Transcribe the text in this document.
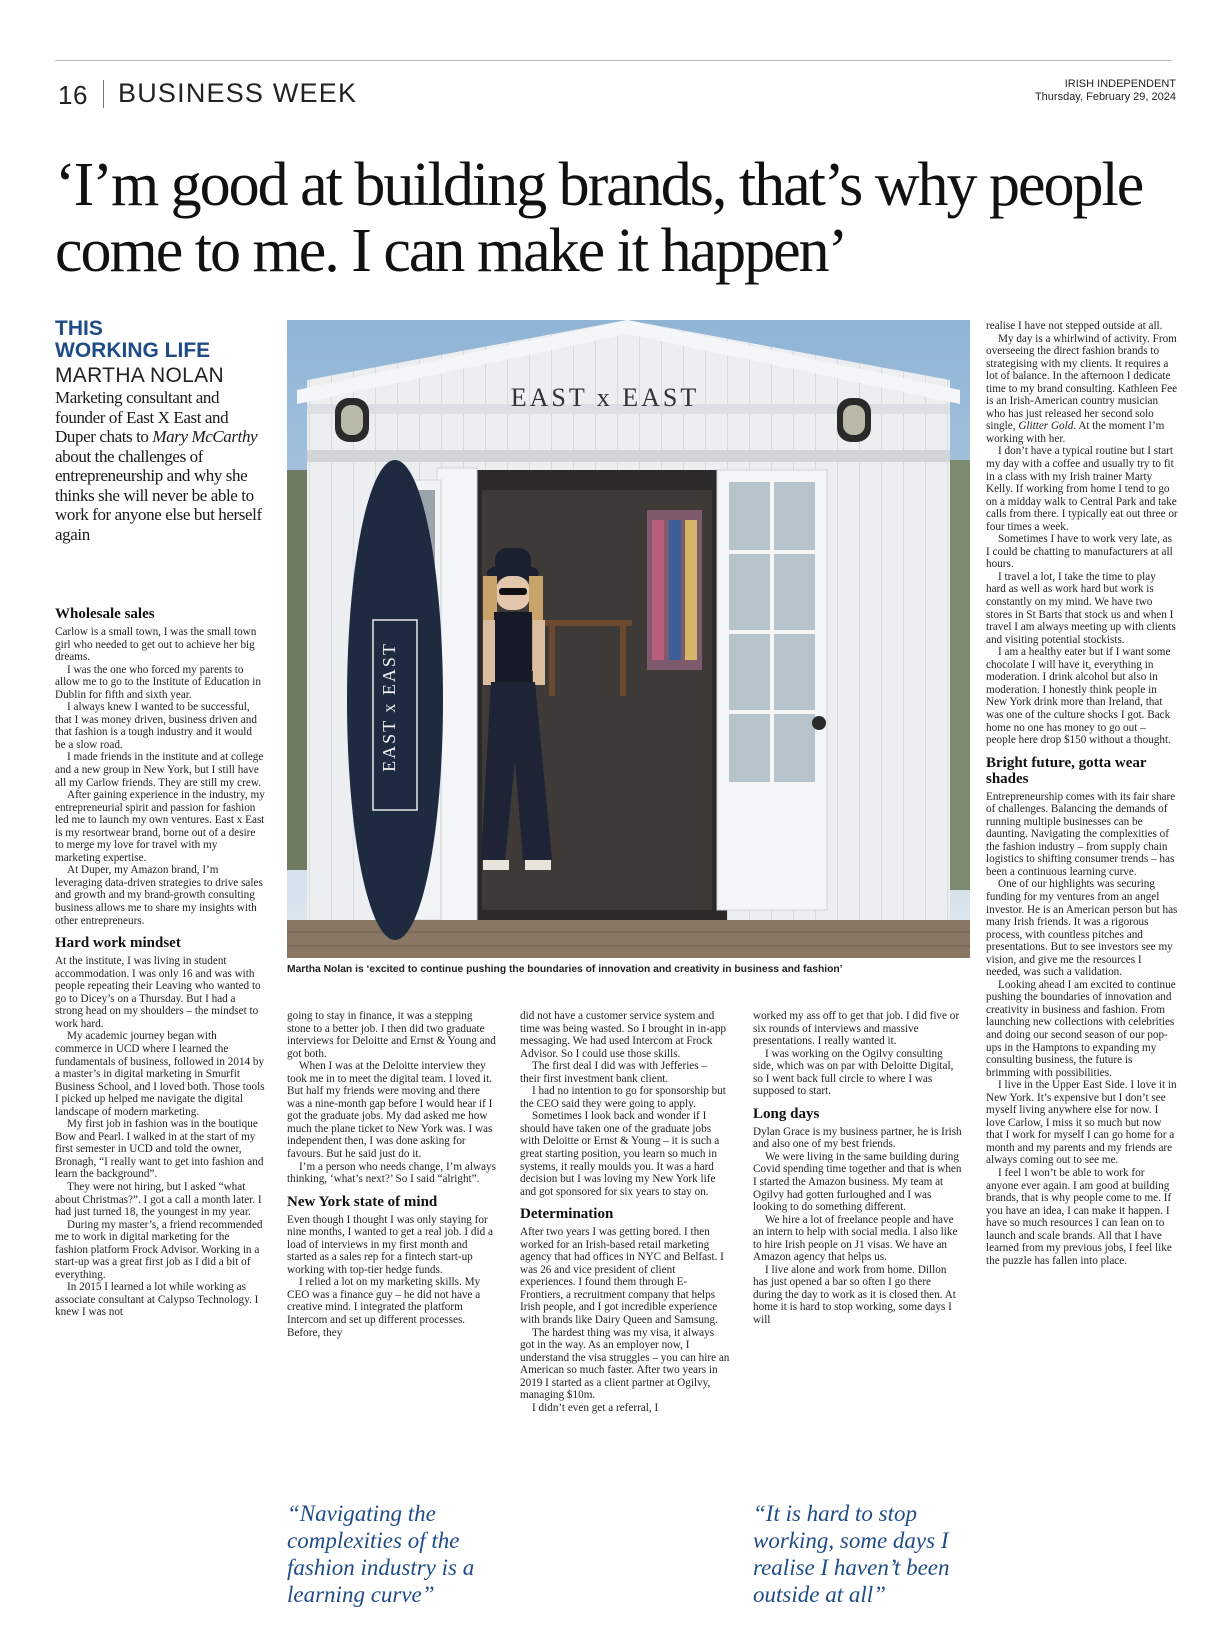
16 BUSINESS WEEK	IRISH INDEPENDENT
Thursday, February 29, 2024
‘I’m good at building brands, that’s why people come to me. I can make it happen’
THIS
WORKING LIFE
MARTHA NOLAN
Marketing consultant and founder of East X East and Duper chats to Mary McCarthy about the challenges of entrepreneurship and why she thinks she will never be able to work for anyone else but herself again
Wholesale sales

Carlow is a small town, I was the small town girl who needed to get out to achieve her big dreams.

I was the one who forced my parents to allow me to go to the Institute of Education in Dublin for fifth and sixth year.

I always knew I wanted to be successful, that I was money driven, business driven and that fashion is a tough industry and it would be a slow road.

I made friends in the institute and at college and a new group in New York, but I still have all my Carlow friends. They are still my crew.

After gaining experience in the industry, my entrepreneurial spirit and passion for fashion led me to launch my own ventures. East x East is my resortwear brand, borne out of a desire to merge my love for travel with my marketing expertise.

At Duper, my Amazon brand, I’m leveraging data-driven strategies to drive sales and growth and my brand-growth consulting business allows me to share my insights with other entrepreneurs.

Hard work mindset

At the institute, I was living in student accommodation. I was only 16 and was with people repeating their Leaving who wanted to go to Dicey’s on a Thursday. But I had a strong head on my shoulders – the mindset to work hard.

My academic journey began with commerce in UCD where I learned the fundamentals of business, followed in 2014 by a master’s in digital marketing in Smurfit Business School, and I loved both. Those tools I picked up helped me navigate the digital landscape of modern marketing.

My first job in fashion was in the boutique Bow and Pearl. I walked in at the start of my first semester in UCD and told the owner, Bronagh, “I really want to get into fashion and learn the background”.

They were not hiring, but I asked “what about Christmas?”. I got a call a month later. I had just turned 18, the youngest in my year.

During my master’s, a friend recommended me to work in digital marketing for the fashion platform Frock Advisor. Working in a start-up was a great first job as I did a bit of everything.

In 2015 I learned a lot while working as associate consultant at Calypso Technology. I knew I was not

EAST x EAST
EAST x EAST
Martha Nolan is ‘excited to continue pushing the boundaries of innovation and creativity in business and fashion’

going to stay in finance, it was a stepping stone to a better job. I then did two graduate interviews for Deloitte and Ernst & Young and got both.

When I was at the Deloitte interview they took me in to meet the digital team. I loved it. But half my friends were moving and there was a nine-month gap before I would hear if I got the graduate jobs. My dad asked me how much the plane ticket to New York was. I was independent then, I was done asking for favours. But he said just do it.

I’m a person who needs change, I’m always thinking, ‘what’s next?’ So I said “alright”.

New York state of mind

Even though I thought I was only staying for nine months, I wanted to get a real job. I did a load of interviews in my first month and started as a sales rep for a fintech start-up working with top-tier hedge funds.

I relied a lot on my marketing skills. My CEO was a finance guy – he did not have a creative mind. I integrated the platform Intercom and set up different processes. Before, they

did not have a customer service system and time was being wasted. So I brought in in-app messaging. We had used Intercom at Frock Advisor. So I could use those skills.

The first deal I did was with Jefferies – their first investment bank client.

I had no intention to go for sponsorship but the CEO said they were going to apply.

Sometimes I look back and wonder if I should have taken one of the graduate jobs with Deloitte or Ernst & Young – it is such a great starting position, you learn so much in systems, it really moulds you. It was a hard decision but I was loving my New York life and got sponsored for six years to stay on.

Determination

After two years I was getting bored. I then worked for an Irish-based retail marketing agency that had offices in NYC and Belfast. I was 26 and vice president of client experiences. I found them through E-Frontiers, a recruitment company that helps Irish people, and I got incredible experience with brands like Dairy Queen and Samsung.

The hardest thing was my visa, it always got in the way. As an employer now, I understand the visa struggles – you can hire an American so much faster. After two years in 2019 I started as a client partner at Ogilvy, managing $10m.

I didn’t even get a referral, I

worked my ass off to get that job. I did five or six rounds of interviews and massive presentations. I really wanted it.

I was working on the Ogilvy consulting side, which was on par with Deloitte Digital, so I went back full circle to where I was supposed to start.

Long days

Dylan Grace is my business partner, he is Irish and also one of my best friends.

We were living in the same building during Covid spending time together and that is when I started the Amazon business. My team at Ogilvy had gotten furloughed and I was looking to do something different.

We hire a lot of freelance people and have an intern to help with social media. I also like to hire Irish people on J1 visas. We have an Amazon agency that helps us.

I live alone and work from home. Dillon has just opened a bar so often I go there during the day to work as it is closed then. At home it is hard to stop working, some days I will

realise I have not stepped outside at all.

My day is a whirlwind of activity. From overseeing the direct fashion brands to strategising with my clients. It requires a lot of balance. In the afternoon I dedicate time to my brand consulting. Kathleen Fee is an Irish-American country musician who has just released her second solo single, Glitter Gold. At the moment I’m working with her.

I don’t have a typical routine but I start my day with a coffee and usually try to fit in a class with my Irish trainer Marty Kelly. If working from home I tend to go on a midday walk to Central Park and take calls from there. I typically eat out three or four times a week.

Sometimes I have to work very late, as I could be chatting to manufacturers at all hours.

I travel a lot, I take the time to play hard as well as work hard but work is constantly on my mind. We have two stores in St Barts that stock us and when I travel I am always meeting up with clients and visiting potential stockists.

I am a healthy eater but if I want some chocolate I will have it, everything in moderation. I drink alcohol but also in moderation. I honestly think people in New York drink more than Ireland, that was one of the culture shocks I got. Back home no one has money to go out – people here drop $150 without a thought.

Bright future, gotta wear shades

Entrepreneurship comes with its fair share of challenges. Balancing the demands of running multiple businesses can be daunting. Navigating the complexities of the fashion industry – from supply chain logistics to shifting consumer trends – has been a continuous learning curve.

One of our highlights was securing funding for my ventures from an angel investor. He is an American person but has many Irish friends. It was a rigorous process, with countless pitches and presentations. But to see investors see my vision, and give me the resources I needed, was such a validation.

Looking ahead I am excited to continue pushing the boundaries of innovation and creativity in business and fashion. From launching new collections with celebrities and doing our second season of our pop-ups in the Hamptons to expanding my consulting business, the future is brimming with possibilities.

I live in the Upper East Side. I love it in New York. It’s expensive but I don’t see myself living anywhere else for now. I love Carlow, I miss it so much but now that I work for myself I can go home for a month and my parents and my friends are always coming out to see me.

I feel I won’t be able to work for anyone ever again. I am good at building brands, that is why people come to me. If you have an idea, I can make it happen. I have so much resources I can lean on to launch and scale brands. All that I have learned from my previous jobs, I feel like the puzzle has fallen into place.

“Navigating the complexities of the fashion industry is a learning curve”
“It is hard to stop working, some days I realise I haven’t been outside at all”
